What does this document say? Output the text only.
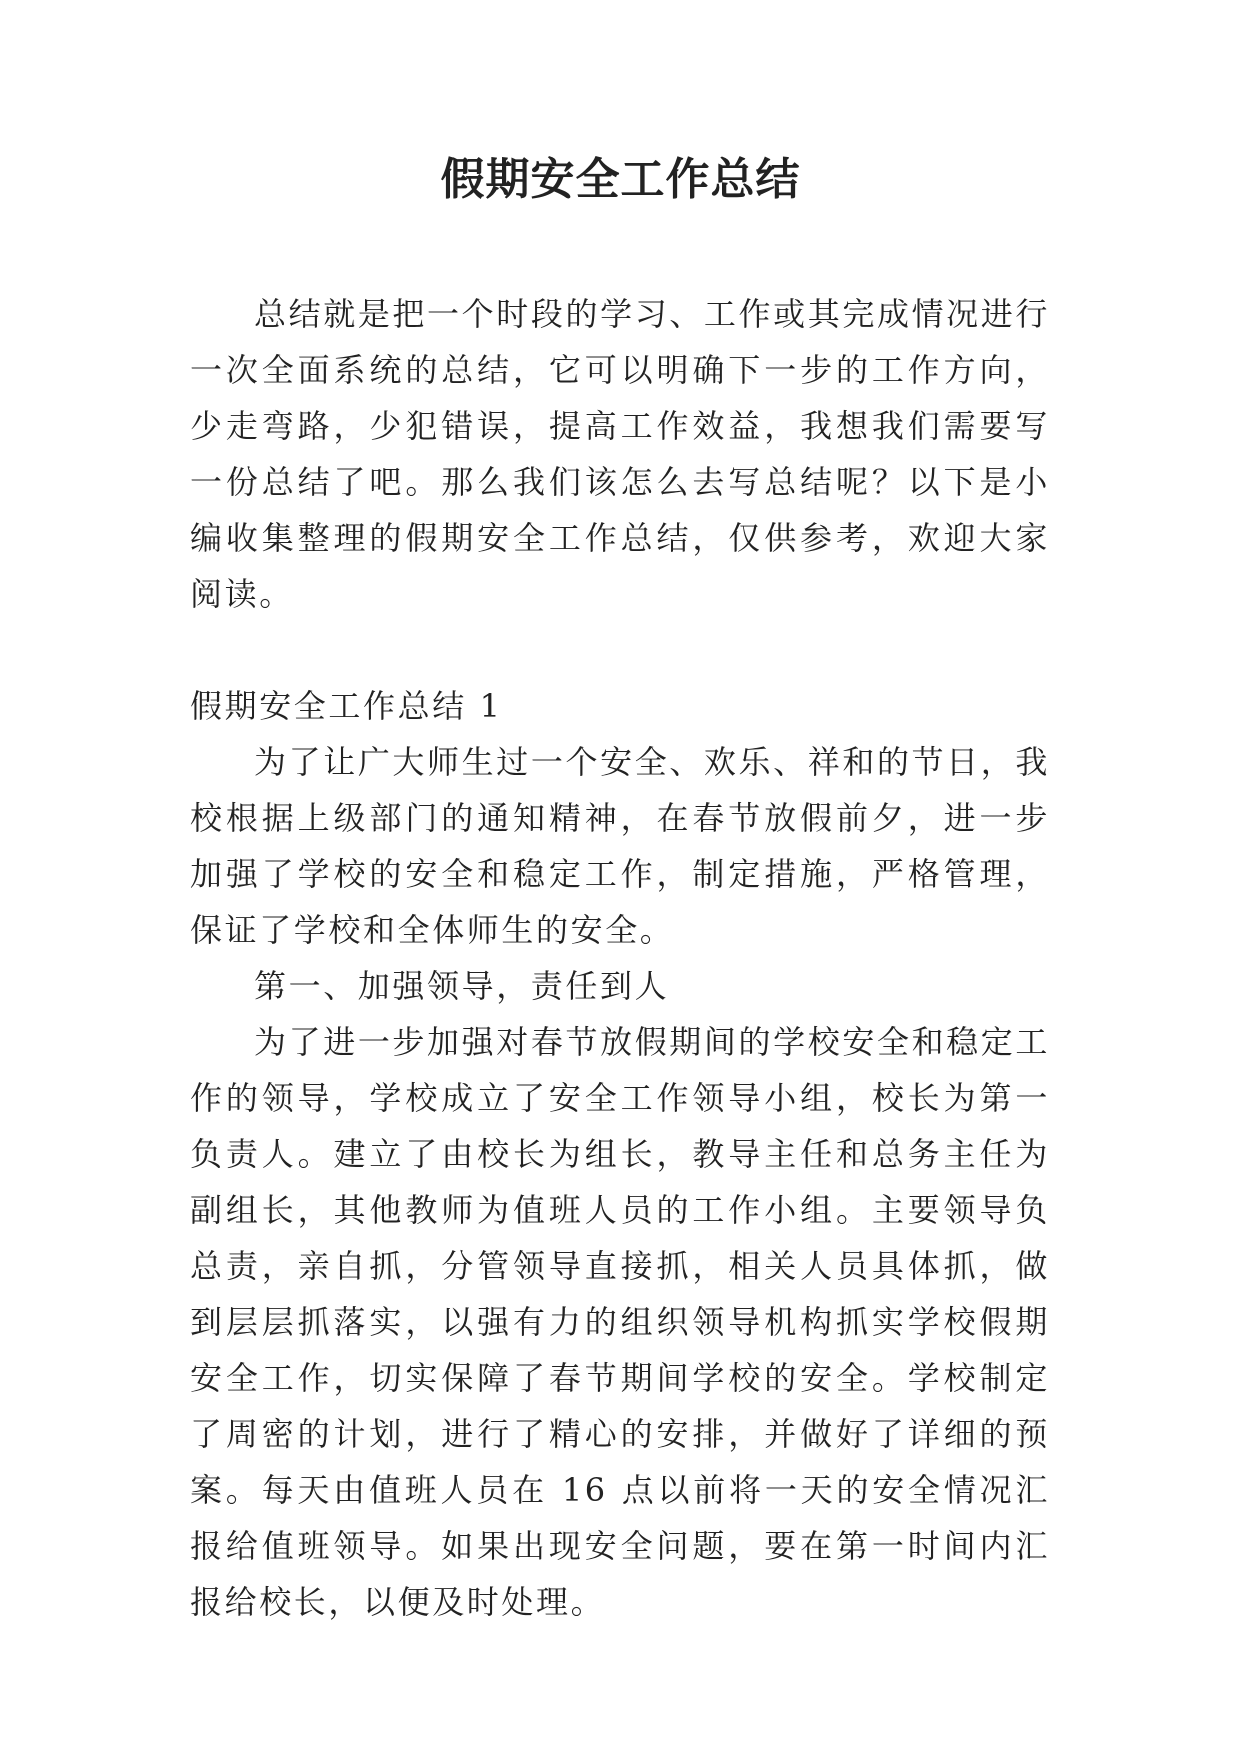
假期安全工作总结

总结就是把一个时段的学习、工作或其完成情况进行一次全面系统的总结，它可以明确下一步的工作方向，少走弯路，少犯错误，提高工作效益，我想我们需要写一份总结了吧。那么我们该怎么去写总结呢？以下是小编收集整理的假期安全工作总结，仅供参考，欢迎大家阅读。

假期安全工作总结 1

为了让广大师生过一个安全、欢乐、祥和的节日，我校根据上级部门的通知精神，在春节放假前夕，进一步加强了学校的安全和稳定工作，制定措施，严格管理，保证了学校和全体师生的安全。

第一、加强领导，责任到人

为了进一步加强对春节放假期间的学校安全和稳定工作的领导，学校成立了安全工作领导小组，校长为第一负责人。建立了由校长为组长，教导主任和总务主任为副组长，其他教师为值班人员的工作小组。主要领导负总责，亲自抓，分管领导直接抓，相关人员具体抓，做到层层抓落实，以强有力的组织领导机构抓实学校假期安全工作，切实保障了春节期间学校的安全。学校制定了周密的计划，进行了精心的安排，并做好了详细的预案。每天由值班人员在 16 点以前将一天的安全情况汇报给值班领导。如果出现安全问题，要在第一时间内汇报给校长，以便及时处理。
